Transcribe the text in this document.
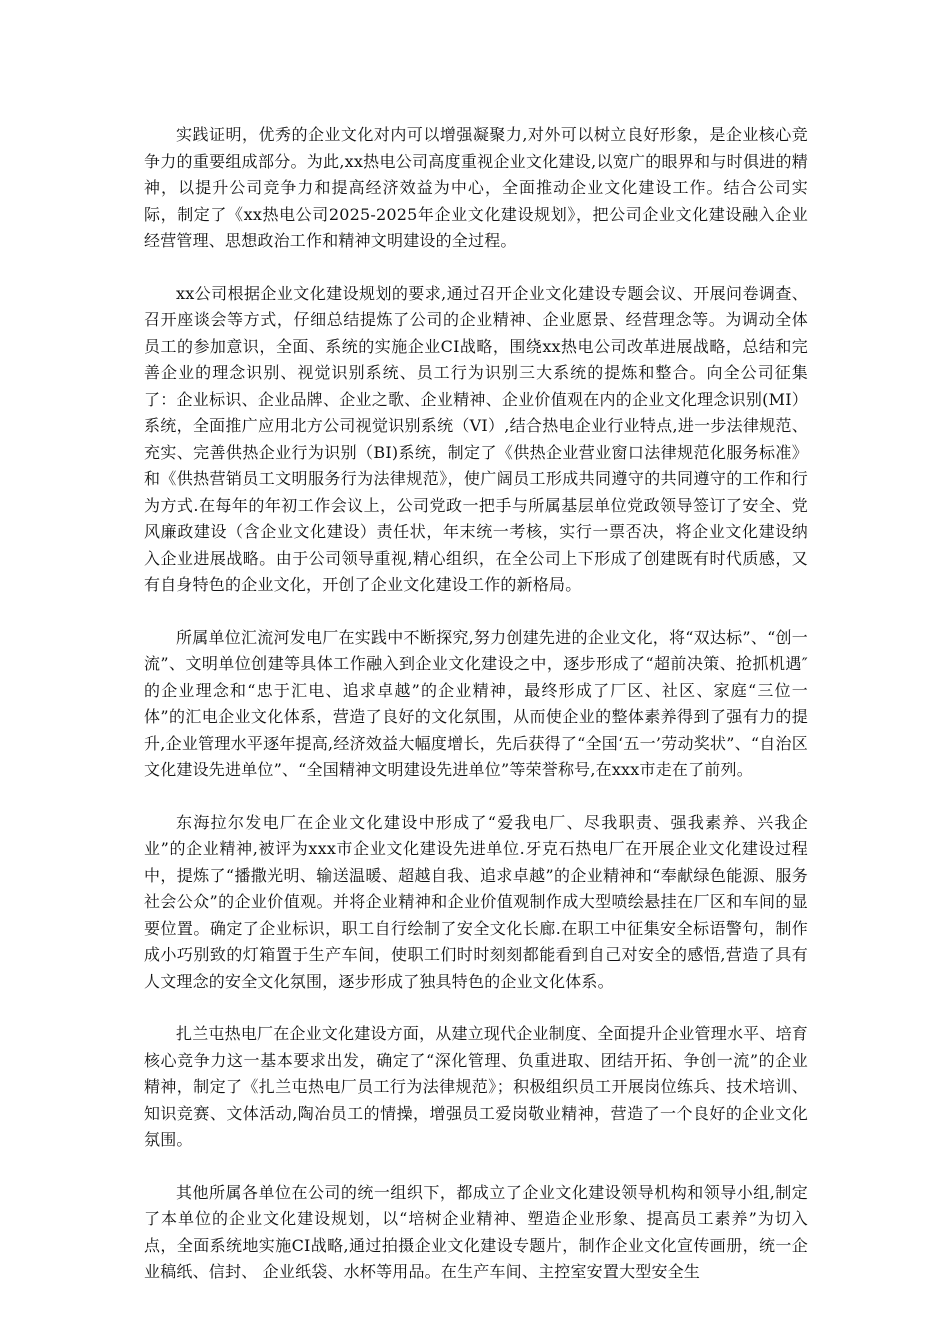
实践证明，优秀的企业文化对内可以增强凝聚力,对外可以树立良好形象，是企业核心竞争力的重要组成部分。为此,xx热电公司高度重视企业文化建设,以宽广的眼界和与时俱进的精神，以提升公司竞争力和提高经济效益为中心，全面推动企业文化建设工作。结合公司实际，制定了《xx热电公司2025-2025年企业文化建设规划》，把公司企业文化建设融入企业经营管理、思想政治工作和精神文明建设的全过程。

xx公司根据企业文化建设规划的要求,通过召开企业文化建设专题会议、开展问卷调查、召开座谈会等方式，仔细总结提炼了公司的企业精神、企业愿景、经营理念等。为调动全体员工的参加意识，全面、系统的实施企业CI战略，围绕xx热电公司改革进展战略，总结和完善企业的理念识别、视觉识别系统、员工行为识别三大系统的提炼和整合。向全公司征集了：企业标识、企业品牌、企业之歌、企业精神、企业价值观在内的企业文化理念识别(MI）系统，全面推广应用北方公司视觉识别系统（VI）,结合热电企业行业特点,进一步法律规范、充实、完善供热企业行为识别（BI)系统，制定了《供热企业营业窗口法律规范化服务标准》和《供热营销员工文明服务行为法律规范》，使广阔员工形成共同遵守的共同遵守的工作和行为方式.在每年的年初工作会议上，公司党政一把手与所属基层单位党政领导签订了安全、党风廉政建设（含企业文化建设）责任状，年末统一考核，实行一票否决，将企业文化建设纳入企业进展战略。由于公司领导重视,精心组织，在全公司上下形成了创建既有时代质感，又有自身特色的企业文化，开创了企业文化建设工作的新格局。

所属单位汇流河发电厂在实践中不断探究,努力创建先进的企业文化，将“双达标”、“创一流”、文明单位创建等具体工作融入到企业文化建设之中，逐步形成了“超前决策、抢抓机遇″的企业理念和“忠于汇电、追求卓越”的企业精神，最终形成了厂区、社区、家庭“三位一体”的汇电企业文化体系，营造了良好的文化氛围，从而使企业的整体素养得到了强有力的提升,企业管理水平逐年提高,经济效益大幅度增长，先后获得了“全国‘五一’劳动奖状”、“自治区文化建设先进单位”、“全国精神文明建设先进单位”等荣誉称号,在xxx市走在了前列。

东海拉尔发电厂在企业文化建设中形成了“爱我电厂、尽我职责、强我素养、兴我企业”的企业精神,被评为xxx市企业文化建设先进单位.牙克石热电厂在开展企业文化建设过程中，提炼了“播撒光明、输送温暖、超越自我、追求卓越”的企业精神和“奉献绿色能源、服务社会公众”的企业价值观。并将企业精神和企业价值观制作成大型喷绘悬挂在厂区和车间的显要位置。确定了企业标识，职工自行绘制了安全文化长廊.在职工中征集安全标语警句，制作成小巧别致的灯箱置于生产车间，使职工们时时刻刻都能看到自己对安全的感悟,营造了具有人文理念的安全文化氛围，逐步形成了独具特色的企业文化体系。

扎兰屯热电厂在企业文化建设方面，从建立现代企业制度、全面提升企业管理水平、培育核心竞争力这一基本要求出发，确定了“深化管理、负重进取、团结开拓、争创一流”的企业精神，制定了《扎兰屯热电厂员工行为法律规范》；积极组织员工开展岗位练兵、技术培训、知识竞赛、文体活动,陶冶员工的情操，增强员工爱岗敬业精神，营造了一个良好的企业文化氛围。

其他所属各单位在公司的统一组织下，都成立了企业文化建设领导机构和领导小组,制定了本单位的企业文化建设规划，以“培树企业精神、塑造企业形象、提高员工素养”为切入点，全面系统地实施CI战略,通过拍摄企业文化建设专题片，制作企业文化宣传画册，统一企业稿纸、信封、 企业纸袋、水杯等用品。在生产车间、主控室安置大型安全生
